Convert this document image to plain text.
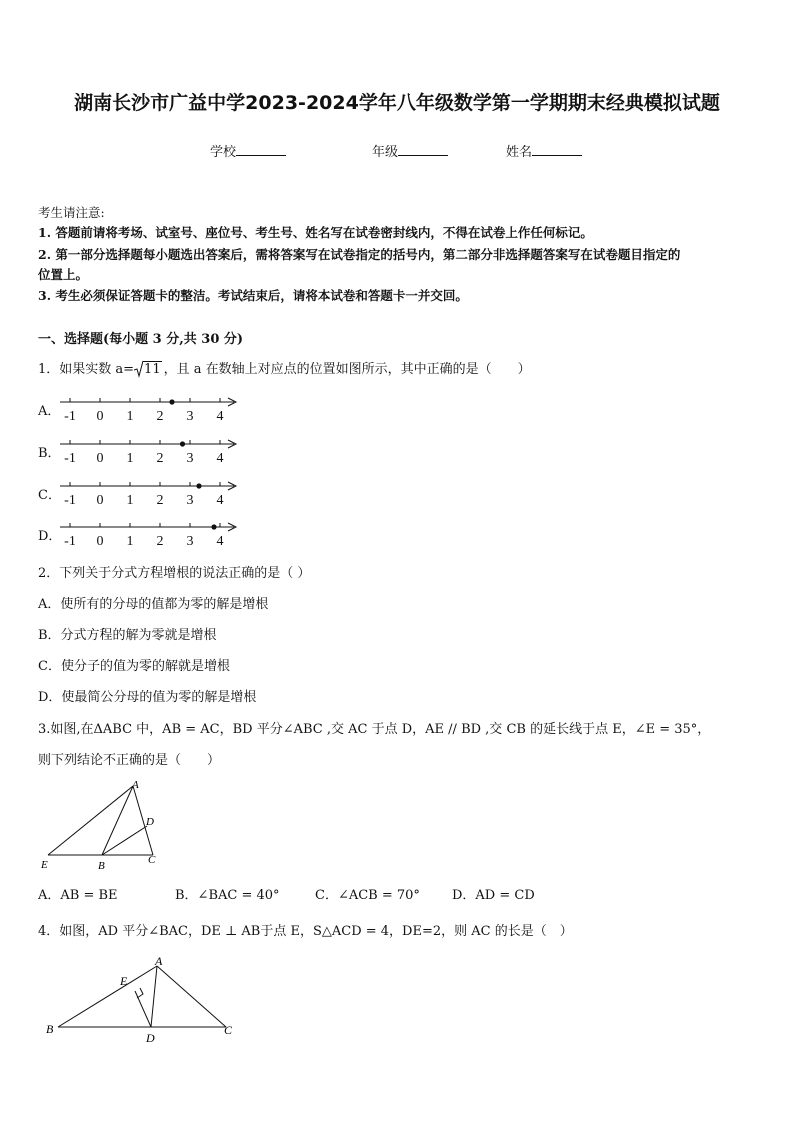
湖南长沙市广益中学2023-2024学年八年级数学第一学期期末经典模拟试题
学校	年级	姓名
考生请注意:
1. 答题前请将考场、试室号、座位号、考生号、姓名写在试卷密封线内，不得在试卷上作任何标记。
2. 第一部分选择题每小题选出答案后，需将答案写在试卷指定的括号内，第二部分非选择题答案写在试卷题目指定的
位置上。
3. 考生必须保证答题卡的整洁。考试结束后，请将本试卷和答题卡一并交回。
一、选择题(每小题 3 分,共 30 分)
1．如果实数 a= 11 ，且 a 在数轴上对应点的位置如图所示，其中正确的是（　　）
A． -1 0 1 2 3 4
B． -1 0 1 2 3 4
C． -1 0 1 2 3 4
D． -1 0 1 2 3 4
2．下列关于分式方程增根的说法正确的是（ ）
A．使所有的分母的值都为零的解是增根
B．分式方程的解为零就是增根
C．使分子的值为零的解就是增根
D．使最简公分母的值为零的解是增根
3.如图,在ΔABC 中，AB = AC，BD 平分∠ABC ,交 AC 于点 D，AE // BD ,交 CB 的延长线于点 E，∠E = 35°，
则下列结论不正确的是（　　）
A
D
E	B	C
A．AB = BE	B．∠BAC = 40°	C．∠ACB = 70° D．AD = CD
4．如图，AD 平分∠BAC，DE ⊥ AB于点 E，S△ACD = 4，DE=2，则 AC 的长是（　）
A
E
B
D
C
